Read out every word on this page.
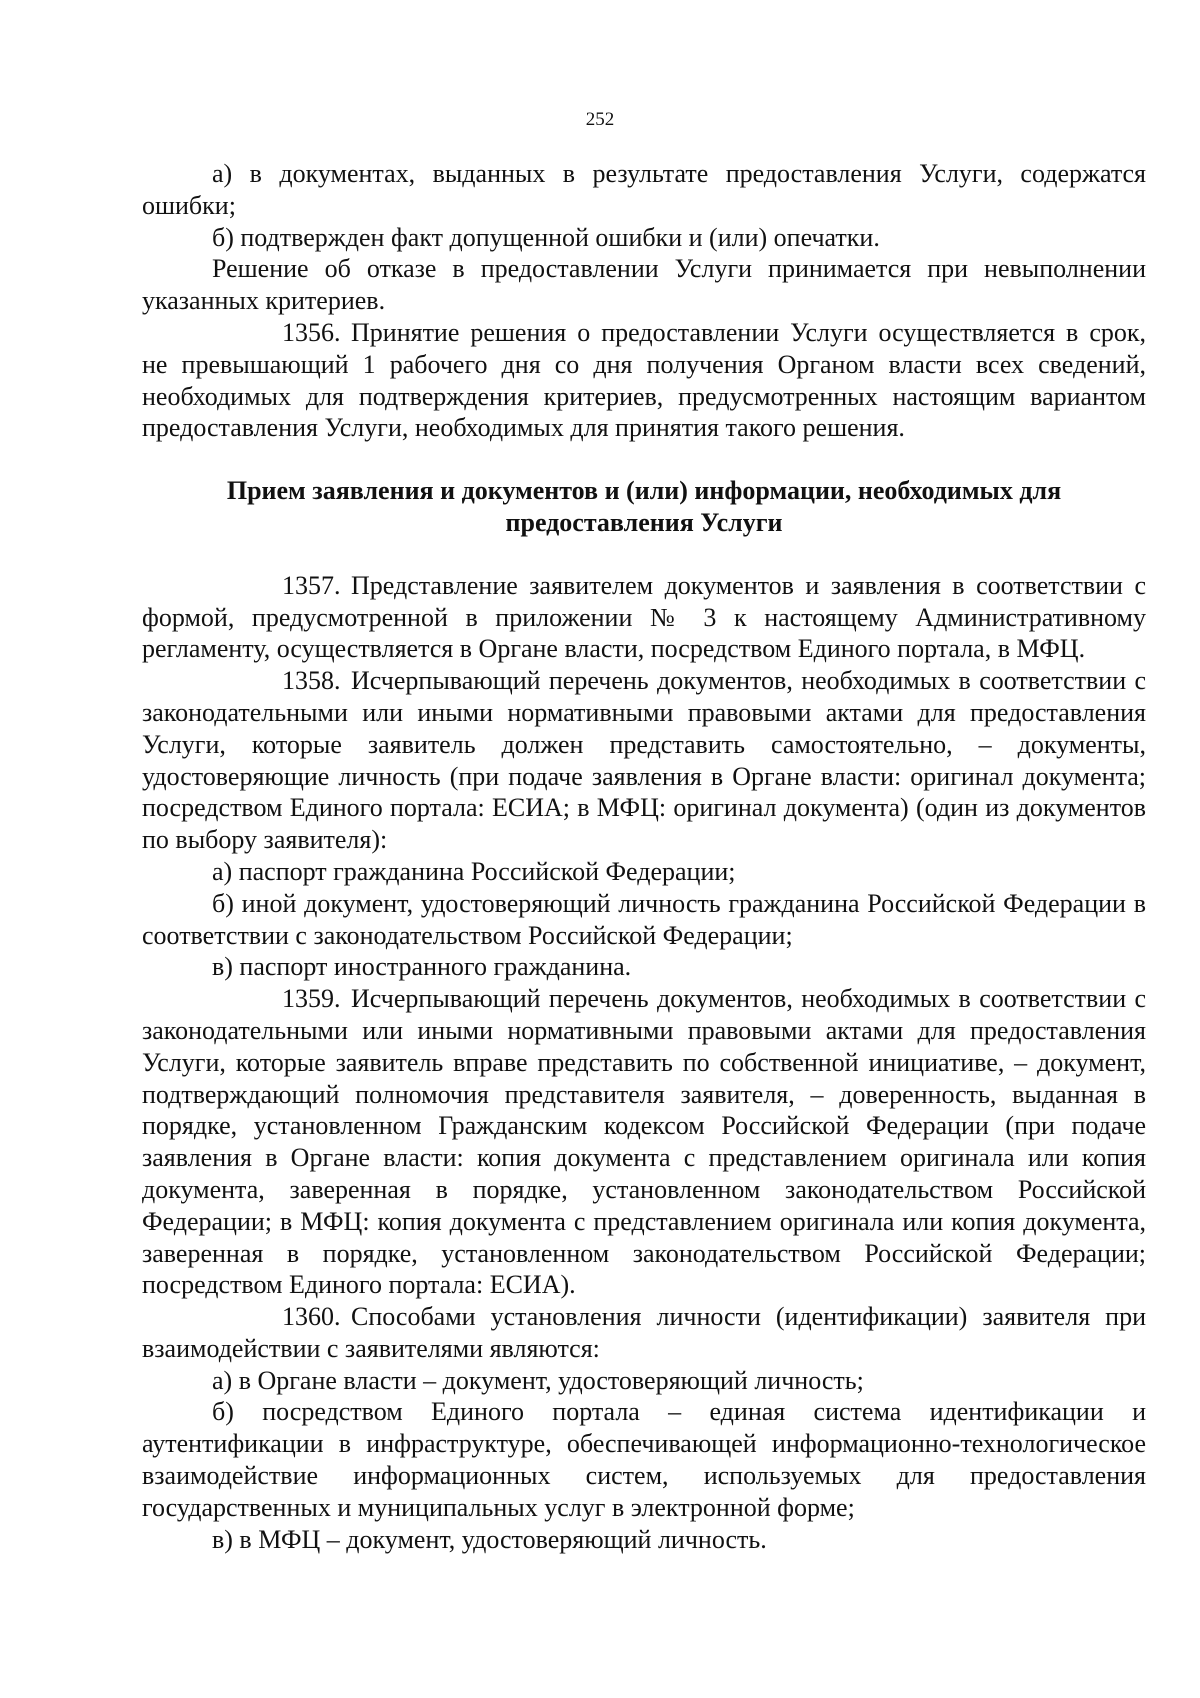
252

а) в документах, выданных в результате предоставления Услуги, содержатся ошибки;

б) подтвержден факт допущенной ошибки и (или) опечатки.

Решение об отказе в предоставлении Услуги принимается при невыполнении указанных критериев.

1356. Принятие решения о предоставлении Услуги осуществляется в срок, не превышающий 1 рабочего дня со дня получения Органом власти всех сведений, необходимых для подтверждения критериев, предусмотренных настоящим вариантом предоставления Услуги, необходимых для принятия такого решения.

Прием заявления и документов и (или) информации, необходимых для предоставления Услуги

1357. Представление заявителем документов и заявления в соответствии с формой, предусмотренной в приложении № 3 к настоящему Административному регламенту, осуществляется в Органе власти, посредством Единого портала, в МФЦ.

1358. Исчерпывающий перечень документов, необходимых в соответствии с законодательными или иными нормативными правовыми актами для предоставления Услуги, которые заявитель должен представить самостоятельно, – документы, удостоверяющие личность (при подаче заявления в Органе власти: оригинал документа; посредством Единого портала: ЕСИА; в МФЦ: оригинал документа) (один из документов по выбору заявителя):

а) паспорт гражданина Российской Федерации;

б) иной документ, удостоверяющий личность гражданина Российской Федерации в соответствии с законодательством Российской Федерации;

в) паспорт иностранного гражданина.

1359. Исчерпывающий перечень документов, необходимых в соответствии с законодательными или иными нормативными правовыми актами для предоставления Услуги, которые заявитель вправе представить по собственной инициативе, – документ, подтверждающий полномочия представителя заявителя, – доверенность, выданная в порядке, установленном Гражданским кодексом Российской Федерации (при подаче заявления в Органе власти: копия документа с представлением оригинала или копия документа, заверенная в порядке, установленном законодательством Российской Федерации; в МФЦ: копия документа с представлением оригинала или копия документа, заверенная в порядке, установленном законодательством Российской Федерации; посредством Единого портала: ЕСИА).

1360. Способами установления личности (идентификации) заявителя при взаимодействии с заявителями являются:

а) в Органе власти – документ, удостоверяющий личность;

б) посредством Единого портала – единая система идентификации и аутентификации в инфраструктуре, обеспечивающей информационно-технологическое взаимодействие информационных систем, используемых для предоставления государственных и муниципальных услуг в электронной форме;

в) в МФЦ – документ, удостоверяющий личность.
